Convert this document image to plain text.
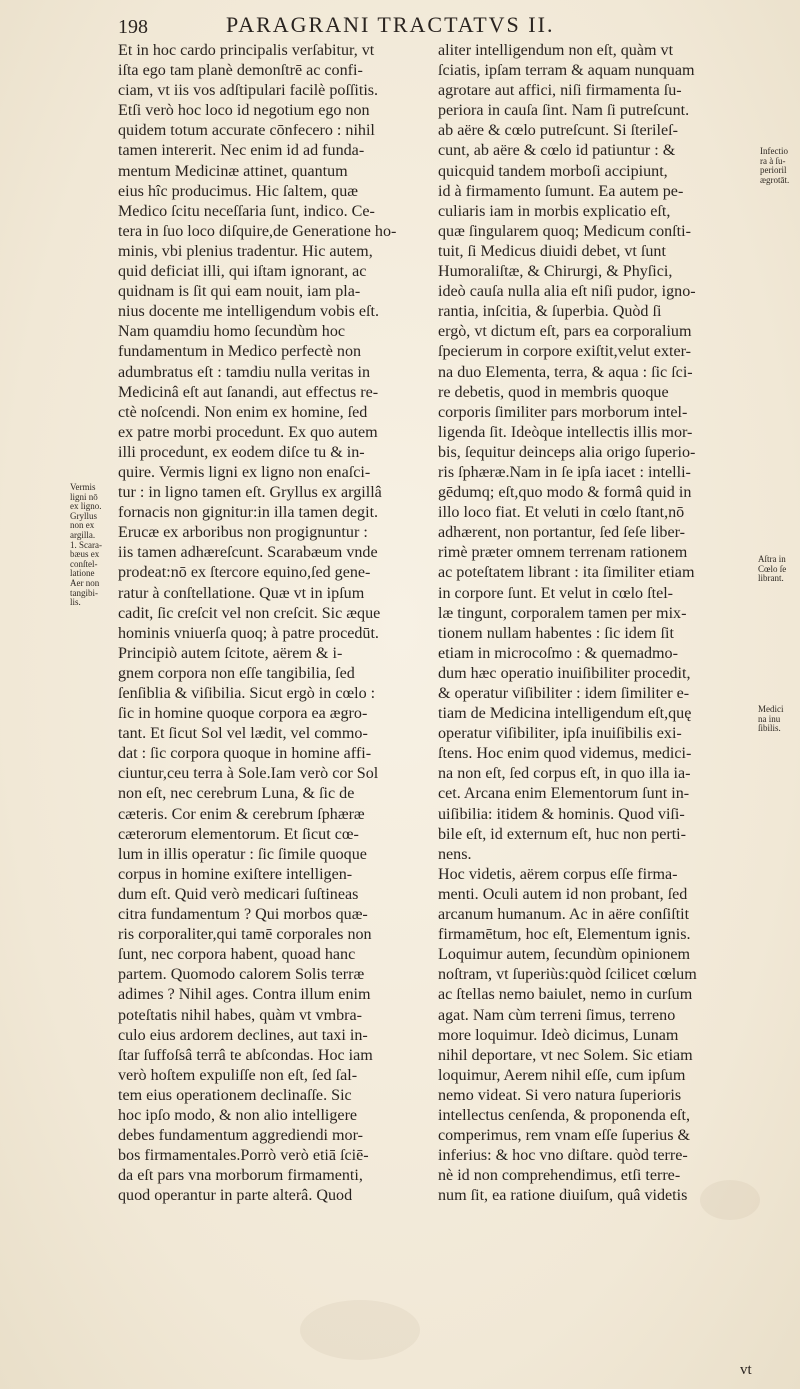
198	PARAGRANI TRACTATVS II.
Et in hoc cardo principalis verſabitur, vt
iſta ego tam planè demonſtrē ac confi-
ciam, vt iis vos adſtipulari facilè poſſitis.
Etſi verò hoc loco id negotium ego non
quidem totum accurate cōnfecero : nihil
tamen intererit. Nec enim id ad funda-
mentum Medicinæ attinet, quantum
eius hîc producimus. Hic ſaltem, quæ
Medico ſcitu neceſſaria ſunt, indico. Ce-
tera in ſuo loco diſquire,de Generatione ho-
minis, vbi plenius tradentur. Hic autem,
quid deficiat illi, qui iſtam ignorant, ac
quidnam is ſit qui eam nouit, iam pla-
nius docente me intelligendum vobis eſt.
Nam quamdiu homo ſecundùm hoc
fundamentum in Medico perfectè non
adumbratus eſt : tamdiu nulla veritas in
Medicinâ eſt aut ſanandi, aut effectus re-
ctè noſcendi. Non enim ex homine, ſed
ex patre morbi procedunt. Ex quo autem
illi procedunt, ex eodem diſce tu & in-
quire. Vermis ligni ex ligno non enaſci-
tur : in ligno tamen eſt. Gryllus ex argillâ
fornacis non gignitur:in illa tamen degit.
Erucæ ex arboribus non progignuntur :
iis tamen adhæreſcunt. Scarabæum vnde
prodeat:nō ex ſtercore equino,ſed gene-
ratur à conſtellatione. Quæ vt in ipſum
cadit, ſic creſcit vel non creſcit. Sic æque
hominis vniuerſa quoq; à patre procedūt.
Principiò autem ſcitote, aërem & i-
gnem corpora non eſſe tangibilia, ſed
ſenſiblia & viſibilia. Sicut ergò in cœlo :
ſic in homine quoque corpora ea ægro-
tant. Et ſicut Sol vel lædit, vel commo-
dat : ſic corpora quoque in homine affi-
ciuntur,ceu terra à Sole.Iam verò cor Sol
non eſt, nec cerebrum Luna, & ſic de
cæteris. Cor enim & cerebrum ſphæræ
cæterorum elementorum. Et ſicut cœ-
lum in illis operatur : ſic ſimile quoque
corpus in homine exiſtere intelligen-
dum eſt. Quid verò medicari ſuſtineas
citra fundamentum ? Qui morbos quæ-
ris corporaliter,qui tamē corporales non
ſunt, nec corpora habent, quoad hanc
partem. Quomodo calorem Solis terræ
adimes ? Nihil ages. Contra illum enim
poteſtatis nihil habes, quàm vt vmbra-
culo eius ardorem declines, aut taxi in-
ſtar ſuffoſsâ terrâ te abſcondas. Hoc iam
verò hoſtem expuliſſe non eſt, ſed ſal-
tem eius operationem declinaſſe. Sic
hoc ipſo modo, & non alio intelligere
debes fundamentum aggrediendi mor-
bos firmamentales.Porrò verò etiā ſciē-
da eſt pars vna morborum firmamenti,
quod operantur in parte alterâ. Quod
aliter intelligendum non eſt, quàm vt
ſciatis, ipſam terram & aquam nunquam
agrotare aut affici, niſi firmamenta ſu-
periora in cauſa ſint. Nam ſi putreſcunt.
ab aëre & cœlo putreſcunt. Si ſterileſ-
cunt, ab aëre & cœlo id patiuntur : &
quicquid tandem morboſi accipiunt,
id à firmamento ſumunt. Ea autem pe-
culiaris iam in morbis explicatio eſt,
quæ ſingularem quoq; Medicum conſti-
tuit, ſi Medicus diuidi debet, vt ſunt
Humoraliſtæ, & Chirurgi, & Phyſici,
ideò cauſa nulla alia eſt niſi pudor, igno-
rantia, inſcitia, & ſuperbia. Quòd ſi
ergò, vt dictum eſt, pars ea corporalium
ſpecierum in corpore exiſtit,velut exter-
na duo Elementa, terra, & aqua : ſic ſci-
re debetis, quod in membris quoque
corporis ſimiliter pars morborum intel-
ligenda ſit. Ideòque intellectis illis mor-
bis, ſequitur deinceps alia origo ſuperio-
ris ſphæræ.Nam in ſe ipſa iacet : intelli-
gēdumq; eſt,quo modo & formâ quid in
illo loco fiat. Et veluti in cœlo ſtant,nō
adhærent, non portantur, ſed ſeſe liber-
rimè præter omnem terrenam rationem
ac poteſtatem librant : ita ſimiliter etiam
in corpore ſunt. Et velut in cœlo ſtel-
læ tingunt, corporalem tamen per mix-
tionem nullam habentes : ſic idem ſit
etiam in microcoſmo : & quemadmo-
dum hæc operatio inuiſibiliter procedit,
& operatur viſibiliter : idem ſimiliter e-
tiam de Medicina intelligendum eſt,quę
operatur viſibiliter, ipſa inuiſibilis exi-
ſtens. Hoc enim quod videmus, medici-
na non eſt, ſed corpus eſt, in quo illa ia-
cet. Arcana enim Elementorum ſunt in-
uiſibilia: itidem & hominis. Quod viſi-
bile eſt, id externum eſt, huc non perti-
nens.
Hoc videtis, aërem corpus eſſe firma-
menti. Oculi autem id non probant, ſed
arcanum humanum. Ac in aëre conſiſtit
firmamētum, hoc eſt, Elementum ignis.
Loquimur autem, ſecundùm opinionem
noſtram, vt ſuperiùs:quòd ſcilicet cœlum
ac ſtellas nemo baiulet, nemo in curſum
agat. Nam cùm terreni ſimus, terreno
more loquimur. Ideò dicimus, Lunam
nihil deportare, vt nec Solem. Sic etiam
loquimur, Aerem nihil eſſe, cum ipſum
nemo videat. Si vero natura ſuperioris
intellectus cenſenda, & proponenda eſt,
comperimus, rem vnam eſſe ſuperius &
inferius: & hoc vno diſtare. quòd terre-
nè id non comprehendimus, etſi terre-
num ſit, ea ratione diuiſum, quâ videtis
Vermis
ligni nō
ex ligno.
Gryllus
non ex
argilla.
1. Scara-
bæus ex
conſtel-
latione
Aer non
tangibi-
lis.
Infectio
ra à ſu-
perioril
ægrotāt.
Aſtra in
Cœlo ſe
librant.
Medici
na inu
ſibilis.
vt
